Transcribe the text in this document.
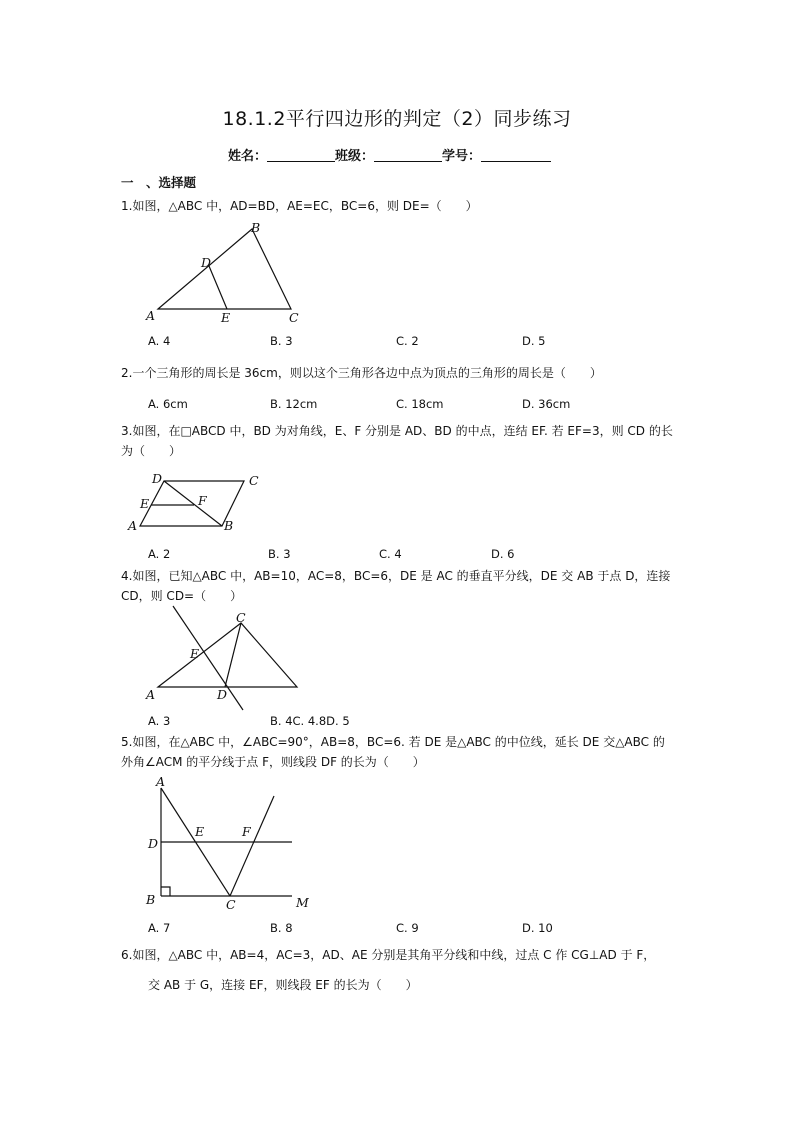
18.1.2平行四边形的判定（2）同步练习
姓名：	班级：	学号：
一　、选择题
1.如图，△ABC 中，AD=BD，AE=EC，BC=6，则 DE=（　　）
A
B
C
D
E
A. 4	B. 3	C. 2	D. 5
2.一个三角形的周长是 36cm，则以这个三角形各边中点为顶点的三角形的周长是（　　）
A. 6cm	B. 12cm	C. 18cm	D. 36cm
3.如图，在□ABCD 中，BD 为对角线，E、F 分别是 AD、BD 的中点，连结 EF. 若 EF=3，则 CD 的长为（　　）
A	B
C
D
E	F
A. 2	B. 3	C. 4	D. 6
4.如图，已知△ABC 中，AB=10，AC=8，BC=6，DE 是 AC 的垂直平分线，DE 交 AB 于点 D，连接 CD，则 CD=（　　）
A
C
D
E
A. 3	B. 4C. 4.8D. 5
5.如图，在△ABC 中，∠ABC=90°，AB=8，BC=6. 若 DE 是△ABC 的中位线，延长 DE 交△ABC 的外角∠ACM 的平分线于点 F，则线段 DF 的长为（　　）
A
B	C
D
E	F
M
A. 7	B. 8	C. 9	D. 10
6.如图，△ABC 中，AB=4，AC=3，AD、AE 分别是其角平分线和中线，过点 C 作 CG⊥AD 于 F，
交 AB 于 G，连接 EF，则线段 EF 的长为（　　）
